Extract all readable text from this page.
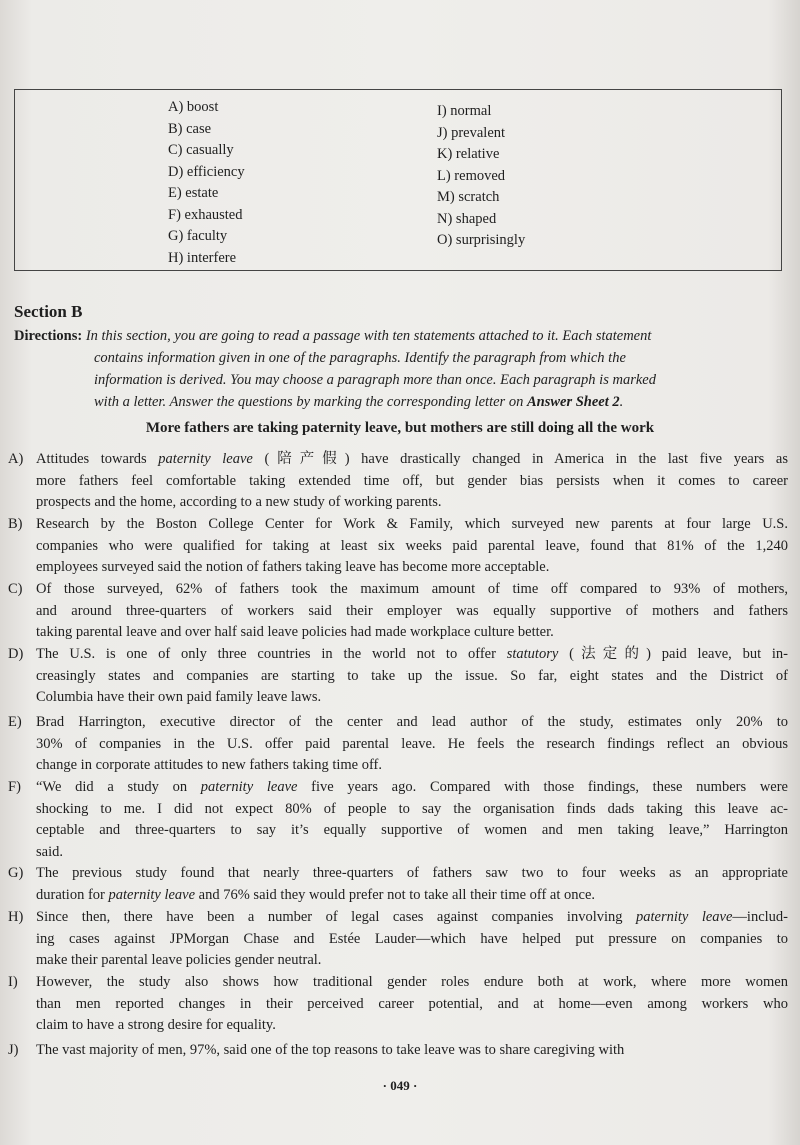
A) boost
B) case
C) casually
D) efficiency
E) estate
F) exhausted
G) faculty
H) interfere
I) normal
J) prevalent
K) relative
L) removed
M) scratch
N) shaped
O) surprisingly
Section B
Directions: In this section, you are going to read a passage with ten statements attached to it. Each statement
contains information given in one of the paragraphs. Identify the paragraph from which the
information is derived. You may choose a paragraph more than once. Each paragraph is marked
with a letter. Answer the questions by marking the corresponding letter on Answer Sheet 2.
More fathers are taking paternity leave, but mothers are still doing all the work
A) Attitudes towards paternity leave (陪产假) have drastically changed in America in the last five years as
more fathers feel comfortable taking extended time off, but gender bias persists when it comes to career
prospects and the home, according to a new study of working parents.
B) Research by the Boston College Center for Work & Family, which surveyed new parents at four large U.S.
companies who were qualified for taking at least six weeks paid parental leave, found that 81% of the 1,240
employees surveyed said the notion of fathers taking leave has become more acceptable.
C) Of those surveyed, 62% of fathers took the maximum amount of time off compared to 93% of mothers,
and around three-quarters of workers said their employer was equally supportive of mothers and fathers
taking parental leave and over half said leave policies had made workplace culture better.
D) The U.S. is one of only three countries in the world not to offer statutory (法定的) paid leave, but in-
creasingly states and companies are starting to take up the issue. So far, eight states and the District of
Columbia have their own paid family leave laws.
E) Brad Harrington, executive director of the center and lead author of the study, estimates only 20% to
30% of companies in the U.S. offer paid parental leave. He feels the research findings reflect an obvious
change in corporate attitudes to new fathers taking time off.
F)	“We did a study on paternity leave five years ago. Compared with those findings, these numbers were
shocking to me. I did not expect 80% of people to say the organisation finds dads taking this leave ac-
ceptable and three-quarters to say it’s equally supportive of women and men taking leave,” Harrington
said.
G) The previous study found that nearly three-quarters of fathers saw two to four weeks as an appropriate
duration for paternity leave and 76% said they would prefer not to take all their time off at once.
H) Since then, there have been a number of legal cases against companies involving paternity leave—includ-
ing cases against JPMorgan Chase and Estée Lauder—which have helped put pressure on companies to
make their parental leave policies gender neutral.
I)	However, the study also shows how traditional gender roles endure both at work, where more women
than men reported changes in their perceived career potential, and at home—even among workers who
claim to have a strong desire for equality.
J)	The vast majority of men, 97%, said one of the top reasons to take leave was to share caregiving with
· 049 ·
